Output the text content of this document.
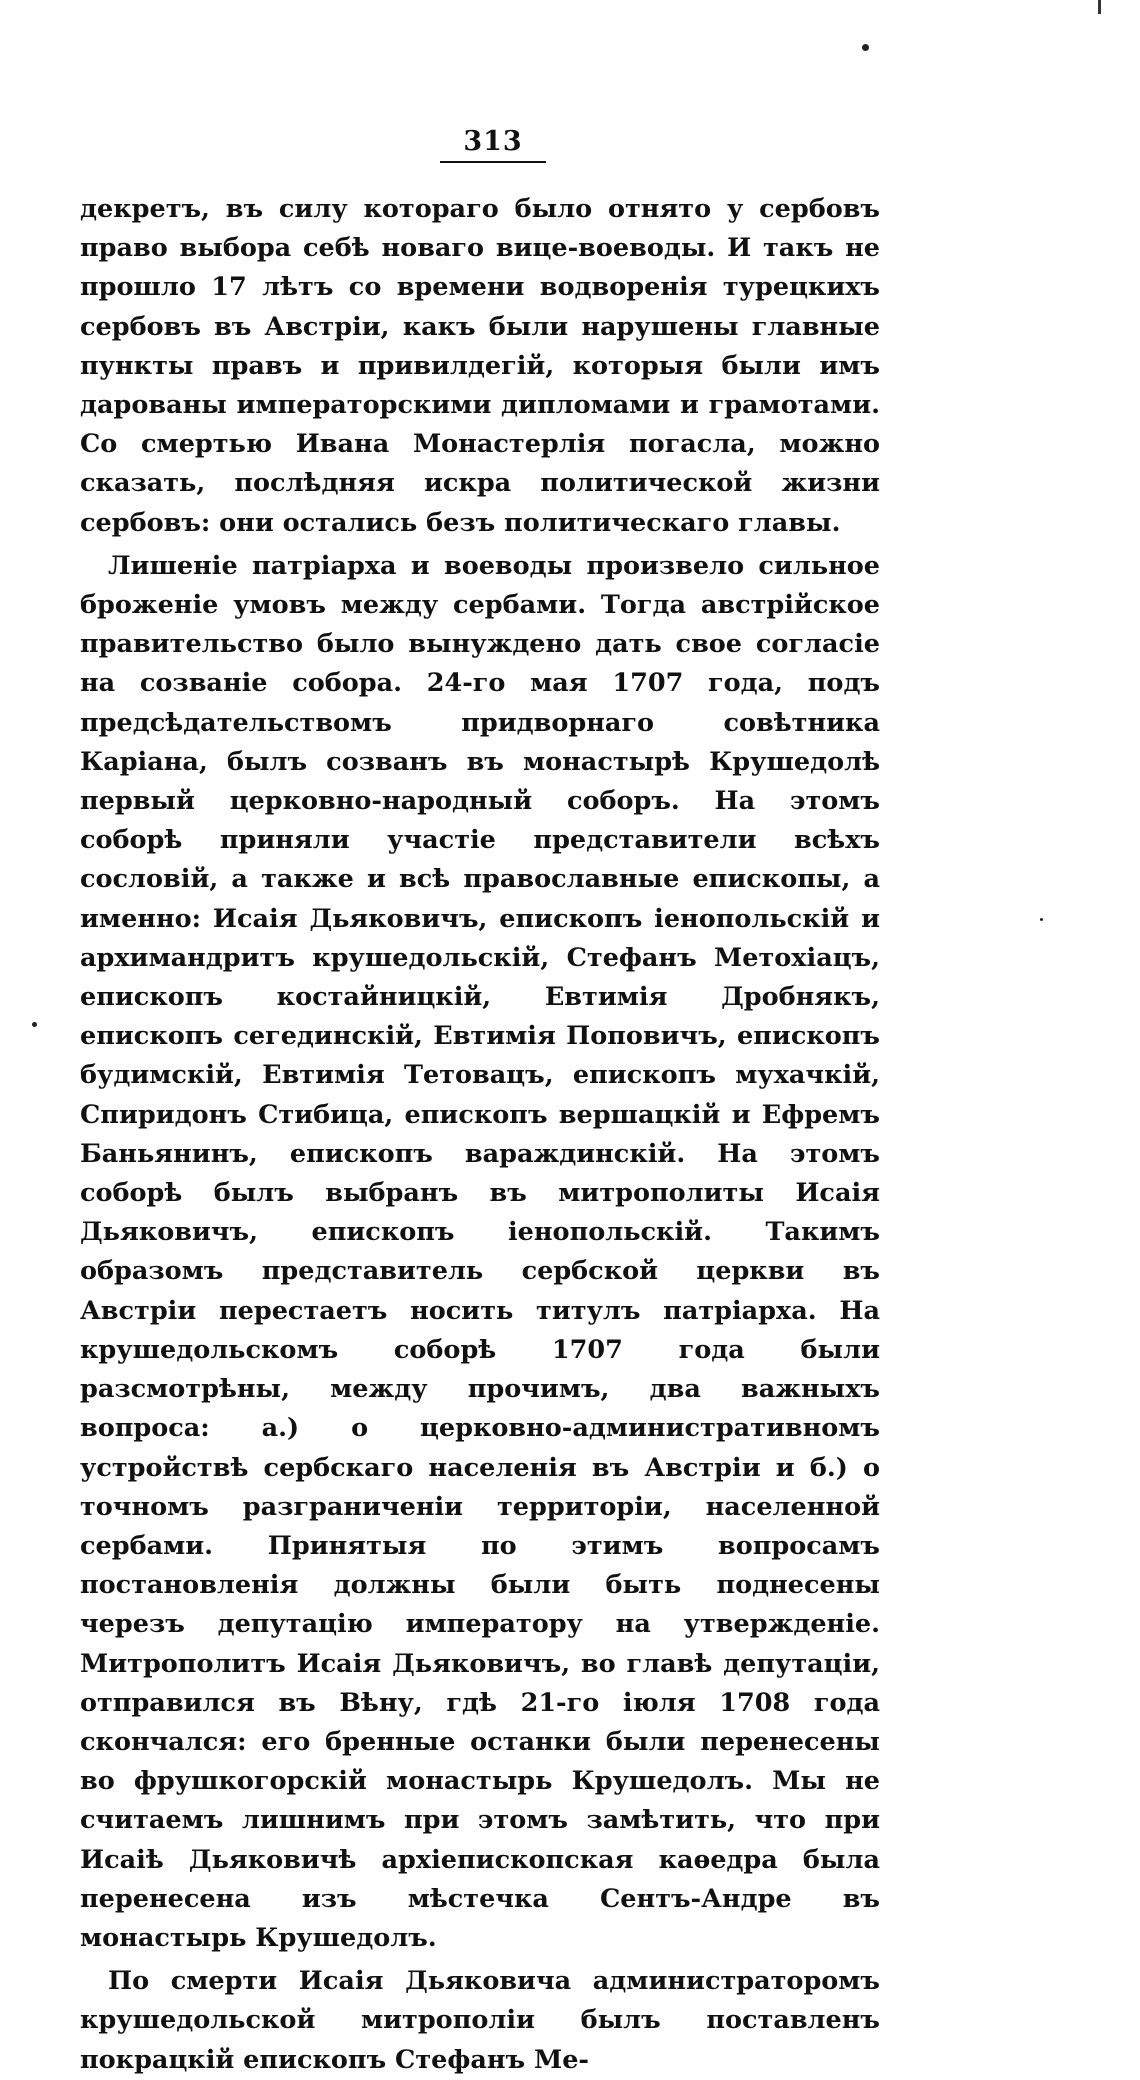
313

декретъ, въ силу котораго было отнято у сербовъ право выбора себѣ новаго вице-воеводы. И такъ не прошло 17 лѣтъ со времени водворенія турецкихъ сербовъ въ Австріи, какъ были нарушены главные пункты правъ и привилдегій, которыя были имъ дарованы императорскими дипломами и грамотами. Со смертью Ивана Монастерлія погасла, можно сказать, послѣдняя искра политической жизни сербовъ: они остались безъ политическаго главы.

Лишеніе патріарха и воеводы произвело сильное броженіе умовъ между сербами. Тогда австрійское правительство было вынуждено дать свое согласіе на созваніе собора. 24-го мая 1707 года, подъ предсѣдательствомъ придворнаго совѣтника Каріана, былъ созванъ въ монастырѣ Крушедолѣ первый церковно-народный соборъ. На этомъ соборѣ приняли участіе представители всѣхъ сословій, а также и всѣ православные епископы, а именно: Исаія Дьяковичъ, епископъ іенопольскій и архимандритъ крушедольскій, Стефанъ Метохіацъ, епископъ костайницкій, Евтимія Дробнякъ, епископъ сегединскій, Евтимія Поповичъ, епископъ будимскій, Евтимія Тетовацъ, епископъ мухачкій, Спиридонъ Стибица, епископъ вершацкій и Ефремъ Баньянинъ, епископъ вараждинскій. На этомъ соборѣ былъ выбранъ въ митрополиты Исаія Дьяковичъ, епископъ іенопольскій. Такимъ образомъ представитель сербской церкви въ Австріи перестаетъ носить титулъ патріарха. На крушедольскомъ соборѣ 1707 года были разсмотрѣны, между прочимъ, два важныхъ вопроса: а.) о церковно-административномъ устройствѣ сербскаго населенія въ Австріи и б.) о точномъ разграниченіи территоріи, населенной сербами. Принятыя по этимъ вопросамъ постановленія должны были быть поднесены черезъ депутацію императору на утвержденіе. Митрополитъ Исаія Дьяковичъ, во главѣ депутаціи, отправился въ Вѣну, гдѣ 21-го іюля 1708 года скончался: его бренные останки были перенесены во фрушкогорскій монастырь Крушедолъ. Мы не считаемъ лишнимъ при этомъ замѣтить, что при Исаіѣ Дьяковичѣ архіепископская каѳедра была перенесена изъ мѣстечка Сентъ-Андре въ монастырь Крушедолъ.

По смерти Исаія Дьяковича администраторомъ крушедольской митрополіи былъ поставленъ покрацкій епископъ Стефанъ Ме-
